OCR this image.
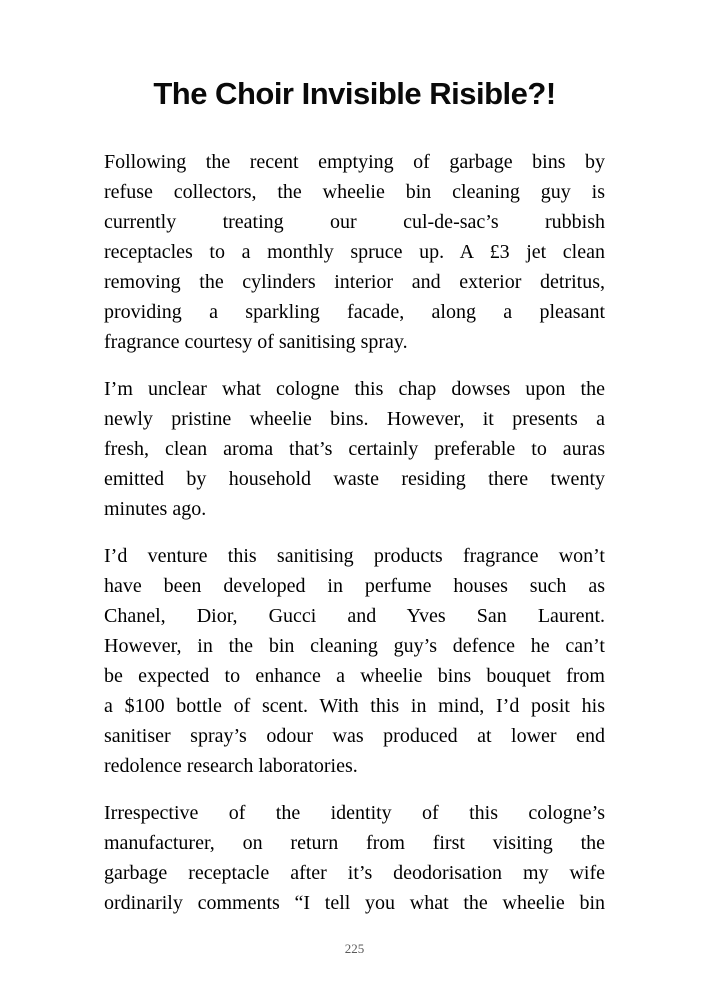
The Choir Invisible Risible?!
Following the recent emptying of garbage bins by
refuse collectors, the wheelie bin cleaning guy is
currently treating our cul-de-sac’s rubbish
receptacles to a monthly spruce up. A £3 jet clean
removing the cylinders interior and exterior detritus,
providing a sparkling facade, along a pleasant
fragrance courtesy of sanitising spray.
I’m unclear what cologne this chap dowses upon the
newly pristine wheelie bins. However, it presents a
fresh, clean aroma that’s certainly preferable to auras
emitted by household waste residing there twenty
minutes ago.
I’d venture this sanitising products fragrance won’t
have been developed in perfume houses such as
Chanel, Dior, Gucci and Yves San Laurent.
However, in the bin cleaning guy’s defence he can’t
be expected to enhance a wheelie bins bouquet from
a $100 bottle of scent. With this in mind, I’d posit his
sanitiser spray’s odour was produced at lower end
redolence research laboratories.
Irrespective of the identity of this cologne’s
manufacturer, on return from first visiting the
garbage receptacle after it’s deodorisation my wife
ordinarily comments “I tell you what the wheelie bin
225
